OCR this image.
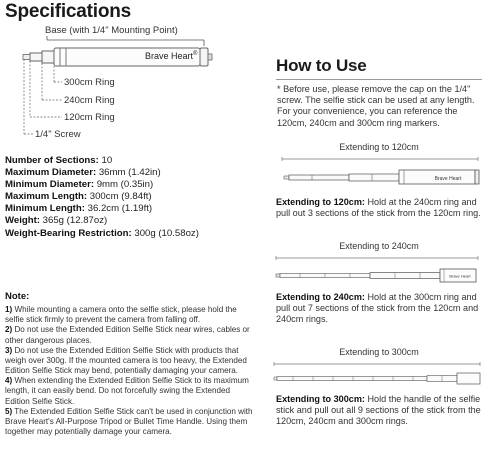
Specifications
Base (with 1/4" Mounting Point)
Brave Heart®
300cm Ring
240cm Ring
120cm Ring
1/4" Screw
Number of Sections: 10
Maximum Diameter: 36mm (1.42in)
Minimum Diameter: 9mm (0.35in)
Maximum Length: 300cm (9.84ft)
Minimum Length: 36.2cm (1.19ft)
Weight: 365g (12.87oz)
Weight-Bearing Restriction: 300g (10.58oz)
Note:
1) While mounting a camera onto the selfie stick, please hold the selfie stick firmly to prevent the camera from falling off.
2) Do not use the Extended Edition Selfie Stick near wires, cables or other dangerous places.
3) Do not use the Extended Edition Selfie Stick with products that weigh over 300g. If the mounted camera is too heavy, the Extended Edition Selfie Stick may bend, potentially damaging your camera.
4) When extending the Extended Edition Selfie Stick to its maximum length, it can easily bend. Do not forcefully swing the Extended Edition Selfie Stick.
5) The Extended Edition Selfie Stick can't be used in conjunction with Brave Heart's All-Purpose Tripod or Bullet Time Handle. Using them together may potentially damage your camera.
How to Use
* Before use, please remove the cap on the 1/4" screw. The selfie stick can be used at any length. For your convenience, you can reference the 120cm, 240cm and 300cm ring markers.
Extending to 120cm
Brave Heart
Extending to 120cm: Hold at the 240cm ring and pull out 3 sections of the stick from the 120cm ring.
Extending to 240cm
Brave Heart
Extending to 240cm: Hold at the 300cm ring and pull out 7 sections of the stick from the 120cm and 240cm rings.
Extending to 300cm
Extending to 300cm: Hold the handle of the selfie stick and pull out all 9 sections of the stick from the 120cm, 240cm and 300cm rings.
